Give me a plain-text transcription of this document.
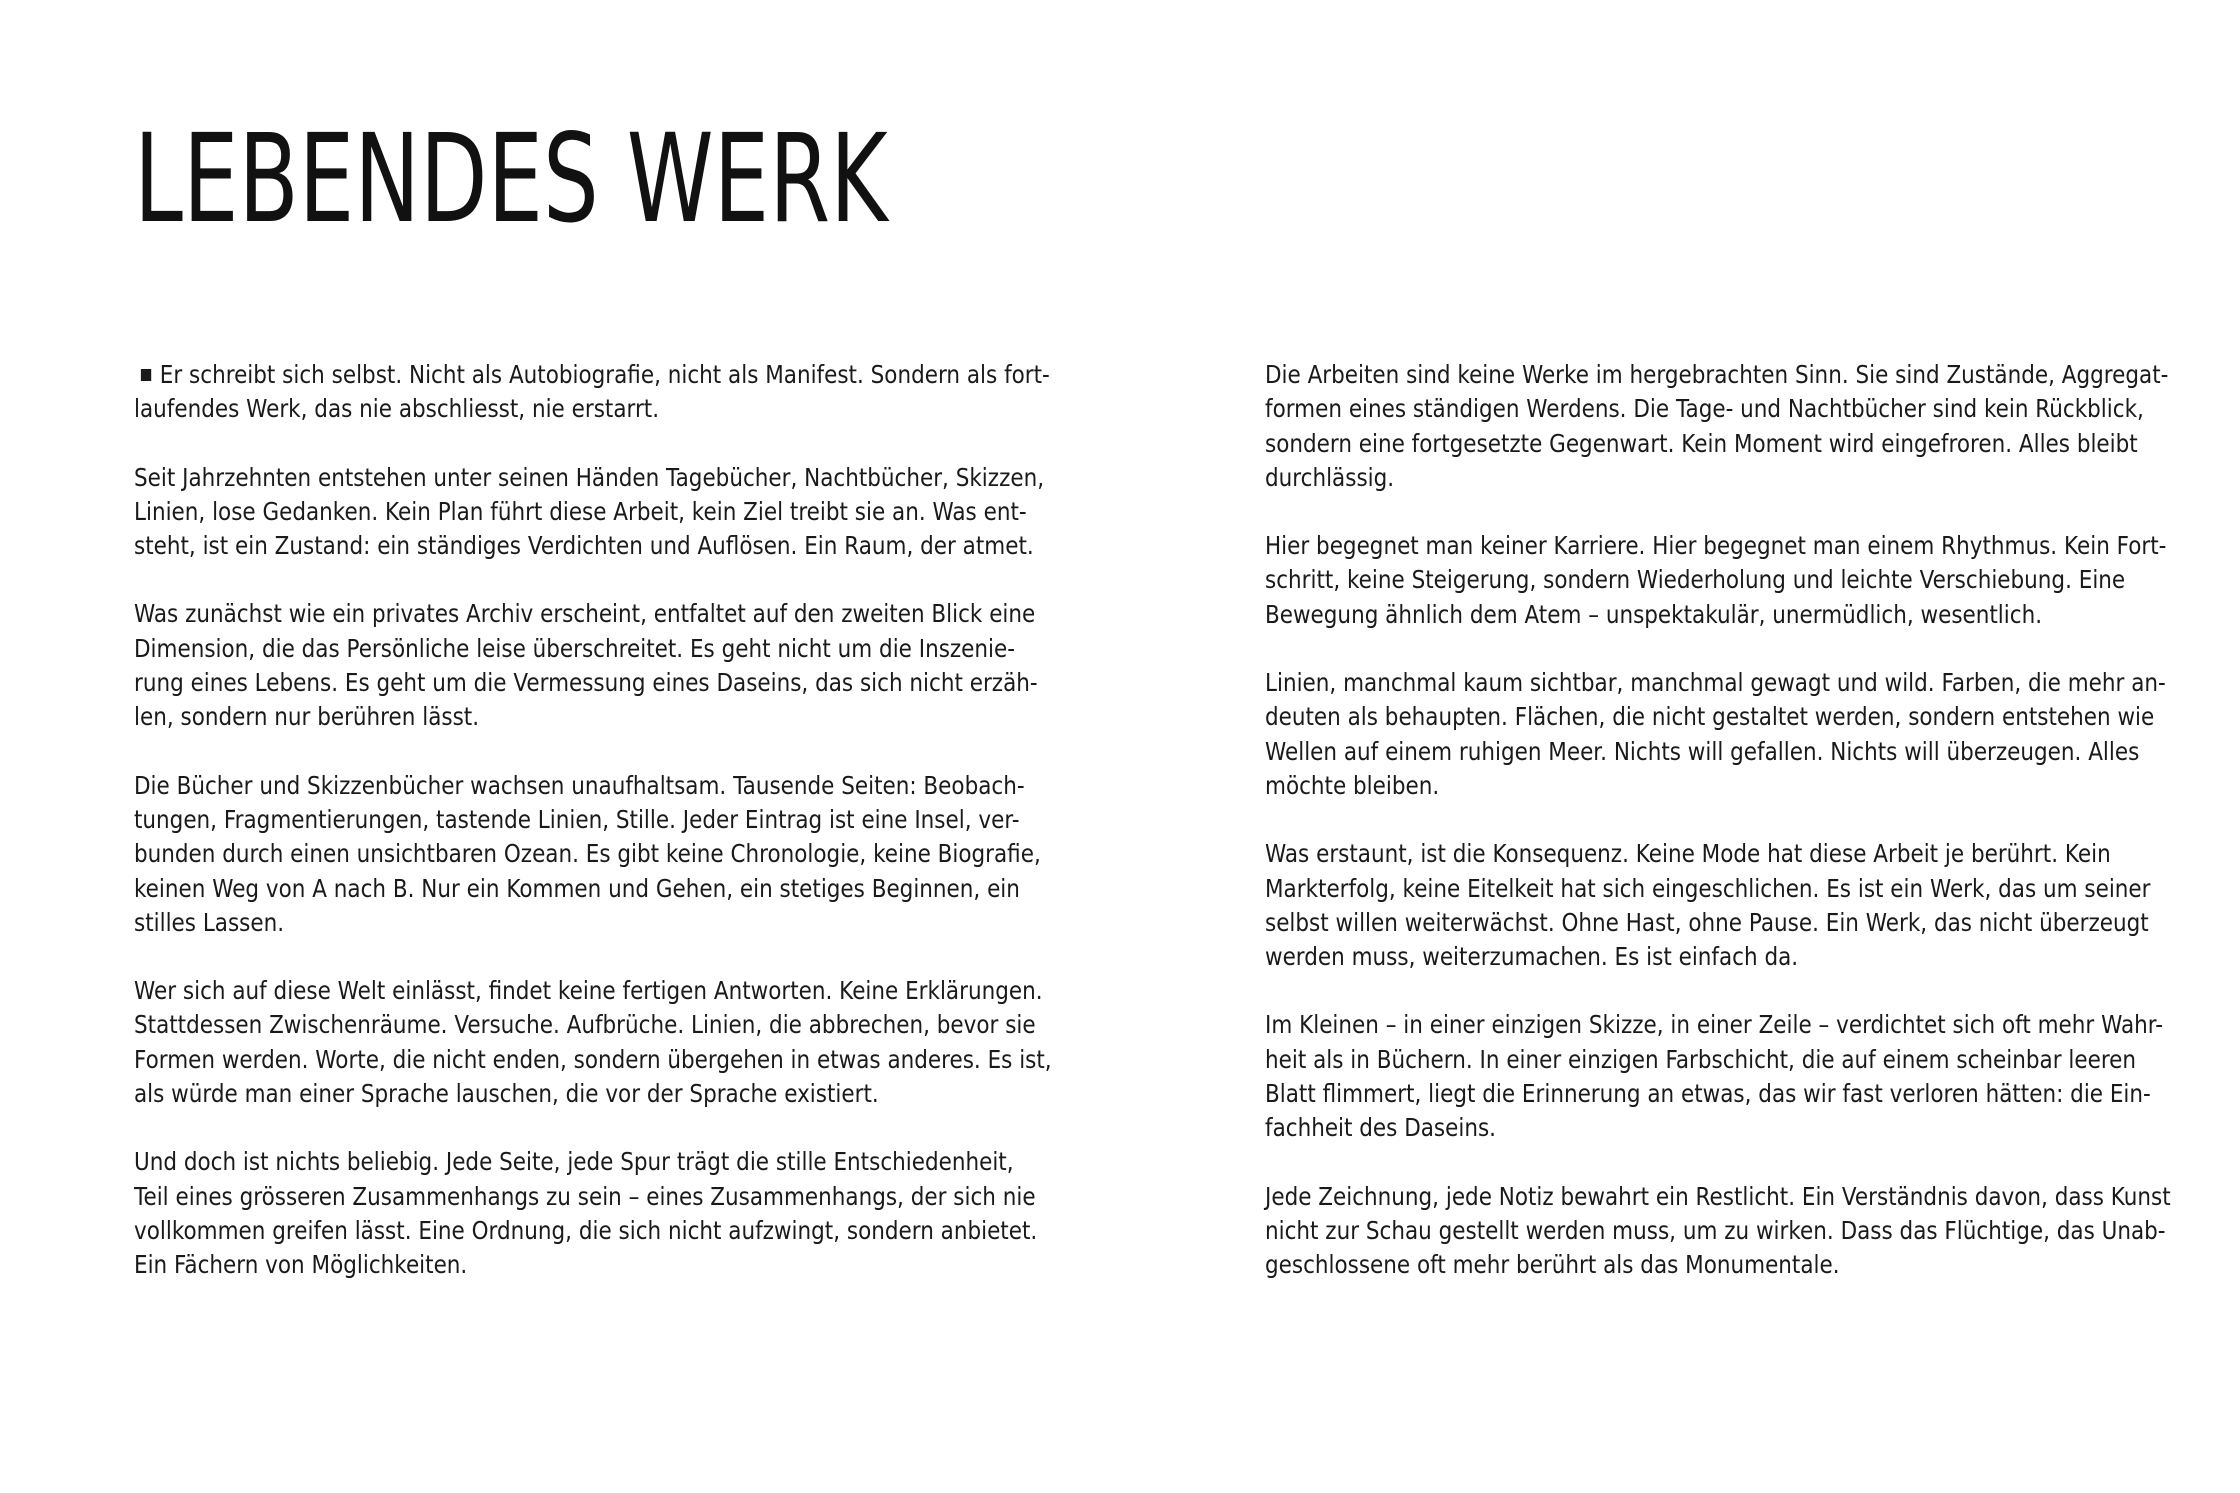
LEBENDES WERK
Er schreibt sich selbst. Nicht als Autobiografie, nicht als Manifest. Sondern als fort-
laufendes Werk, das nie abschliesst, nie erstarrt.
Seit Jahrzehnten entstehen unter seinen Händen Tagebücher, Nachtbücher, Skizzen,
Linien, lose Gedanken. Kein Plan führt diese Arbeit, kein Ziel treibt sie an. Was ent-
steht, ist ein Zustand: ein ständiges Verdichten und Auflösen. Ein Raum, der atmet.
Was zunächst wie ein privates Archiv erscheint, entfaltet auf den zweiten Blick eine
Dimension, die das Persönliche leise überschreitet. Es geht nicht um die Inszenie-
rung eines Lebens. Es geht um die Vermessung eines Daseins, das sich nicht erzäh-
len, sondern nur berühren lässt.
Die Bücher und Skizzenbücher wachsen unaufhaltsam. Tausende Seiten: Beobach-
tungen, Fragmentierungen, tastende Linien, Stille. Jeder Eintrag ist eine Insel, ver-
bunden durch einen unsichtbaren Ozean. Es gibt keine Chronologie, keine Biografie,
keinen Weg von A nach B. Nur ein Kommen und Gehen, ein stetiges Beginnen, ein
stilles Lassen.
Wer sich auf diese Welt einlässt, findet keine fertigen Antworten. Keine Erklärungen.
Stattdessen Zwischenräume. Versuche. Aufbrüche. Linien, die abbrechen, bevor sie
Formen werden. Worte, die nicht enden, sondern übergehen in etwas anderes. Es ist,
als würde man einer Sprache lauschen, die vor der Sprache existiert.
Und doch ist nichts beliebig. Jede Seite, jede Spur trägt die stille Entschiedenheit,
Teil eines grösseren Zusammenhangs zu sein – eines Zusammenhangs, der sich nie
vollkommen greifen lässt. Eine Ordnung, die sich nicht aufzwingt, sondern anbietet.
Ein Fächern von Möglichkeiten.
Die Arbeiten sind keine Werke im hergebrachten Sinn. Sie sind Zustände, Aggregat-
formen eines ständigen Werdens. Die Tage- und Nachtbücher sind kein Rückblick,
sondern eine fortgesetzte Gegenwart. Kein Moment wird eingefroren. Alles bleibt
durchlässig.
Hier begegnet man keiner Karriere. Hier begegnet man einem Rhythmus. Kein Fort-
schritt, keine Steigerung, sondern Wiederholung und leichte Verschiebung. Eine
Bewegung ähnlich dem Atem – unspektakulär, unermüdlich, wesentlich.
Linien, manchmal kaum sichtbar, manchmal gewagt und wild. Farben, die mehr an-
deuten als behaupten. Flächen, die nicht gestaltet werden, sondern entstehen wie
Wellen auf einem ruhigen Meer. Nichts will gefallen. Nichts will überzeugen. Alles
möchte bleiben.
Was erstaunt, ist die Konsequenz. Keine Mode hat diese Arbeit je berührt. Kein
Markterfolg, keine Eitelkeit hat sich eingeschlichen. Es ist ein Werk, das um seiner
selbst willen weiterwächst. Ohne Hast, ohne Pause. Ein Werk, das nicht überzeugt
werden muss, weiterzumachen. Es ist einfach da.
Im Kleinen – in einer einzigen Skizze, in einer Zeile – verdichtet sich oft mehr Wahr-
heit als in Büchern. In einer einzigen Farbschicht, die auf einem scheinbar leeren
Blatt flimmert, liegt die Erinnerung an etwas, das wir fast verloren hätten: die Ein-
fachheit des Daseins.
Jede Zeichnung, jede Notiz bewahrt ein Restlicht. Ein Verständnis davon, dass Kunst
nicht zur Schau gestellt werden muss, um zu wirken. Dass das Flüchtige, das Unab-
geschlossene oft mehr berührt als das Monumentale.
